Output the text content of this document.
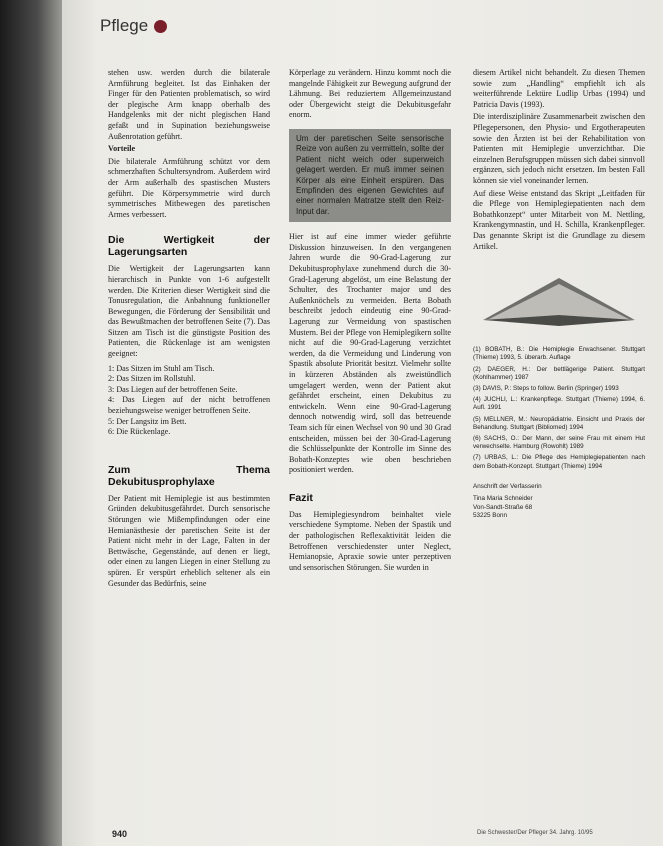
Pflege

stehen usw. werden durch die bilaterale Armführung begleitet. Ist das Einhaken der Finger für den Patienten problematisch, so wird der plegische Arm knapp oberhalb des Handgelenks mit der nicht plegischen Hand gefaßt und in Supination beziehungsweise Außenrotation geführt.

Vorteile

Die bilaterale Armführung schützt vor dem schmerzhaften Schultersyndrom. Außerdem wird der Arm außerhalb des spastischen Musters geführt. Die Körpersymmetrie wird durch symmetrisches Mitbewegen des paretischen Armes verbessert.

Die Wertigkeit der Lagerungsarten

Die Wertigkeit der Lagerungsarten kann hierarchisch in Punkte von 1-6 aufgestellt werden. Die Kriterien dieser Wertigkeit sind die Tonusregulation, die Anbahnung funktioneller Bewegungen, die Förderung der Sensibilität und das Bewußtmachen der betroffenen Seite (7). Das Sitzen am Tisch ist die günstigste Position des Patienten, die Rückenlage ist am wenigsten geeignet:

1: Das Sitzen im Stuhl am Tisch.
2: Das Sitzen im Rollstuhl.
3: Das Liegen auf der betroffenen Seite.
4: Das Liegen auf der nicht betroffenen beziehungsweise weniger betroffenen Seite.
5: Der Langsitz im Bett.
6: Die Rückenlage.
Zum Thema Dekubitusprophylaxe

Der Patient mit Hemiplegie ist aus bestimmten Gründen dekubitusgefährdet. Durch sensorische Störungen wie Mißempfindungen oder eine Hemianästhesie der paretischen Seite ist der Patient nicht mehr in der Lage, Falten in der Bettwäsche, Gegenstände, auf denen er liegt, oder einen zu langen Liegen in einer Stellung zu spüren. Er verspürt erheblich seltener als ein Gesunder das Bedürfnis, seine

Körperlage zu verändern. Hinzu kommt noch die mangelnde Fähigkeit zur Bewegung aufgrund der Lähmung. Bei reduziertem Allgemeinzustand oder Übergewicht steigt die Dekubitusgefahr enorm.

Um der paretischen Seite sensorische Reize von außen zu vermitteln, sollte der Patient nicht weich oder superweich gelagert werden. Er muß immer seinen Körper als eine Einheit erspüren. Das Empfinden des eigenen Gewichtes auf einer normalen Matratze stellt den Reiz-Input dar.

Hier ist auf eine immer wieder geführte Diskussion hinzuweisen. In den vergangenen Jahren wurde die 90-Grad-Lagerung zur Dekubitusprophylaxe zunehmend durch die 30-Grad-Lagerung abgelöst, um eine Belastung der Schulter, des Trochanter major und des Außenknöchels zu vermeiden. Berta Bobath beschreibt jedoch eindeutig eine 90-Grad-Lagerung zur Vermeidung von spastischen Mustern. Bei der Pflege von Hemiplegikern sollte nicht auf die 90-Grad-Lagerung verzichtet werden, da die Vermeidung und Linderung von Spastik absolute Priorität besitzt. Vielmehr sollte in kürzeren Abständen als zweistündlich umgelagert werden, wenn der Patient akut gefährdet erscheint, einen Dekubitus zu entwickeln. Wenn eine 90-Grad-Lagerung dennoch notwendig wird, soll das betreuende Team sich für einen Wechsel von 90 und 30 Grad entscheiden, müssen bei der 30-Grad-Lagerung die Schlüsselpunkte der Kontrolle im Sinne des Bobath-Konzeptes wie oben beschrieben positioniert werden.

Fazit

Das Hemiplegiesyndrom beinhaltet viele verschiedene Symptome. Neben der Spastik und der pathologischen Reflexaktivität leiden die Betroffenen verschiedenster unter Neglect, Hemianopsie, Apraxie sowie unter perzeptiven und sensorischen Störungen. Sie wurden in

diesem Artikel nicht behandelt. Zu diesen Themen sowie zum „Handling“ empfiehlt ich als weiterführende Lektüre Ludlip Urbas (1994) und Patricia Davis (1993).

Die interdisziplinäre Zusammenarbeit zwischen den Pflegepersonen, den Physio- und Ergotherapeuten sowie den Ärzten ist bei der Rehabilitation von Patienten mit Hemiplegie unverzichtbar. Die einzelnen Berufsgruppen müssen sich dabei sinnvoll ergänzen, sich jedoch nicht ersetzen. Im besten Fall können sie viel voneinander lernen.

Auf diese Weise entstand das Skript „Leitfaden für die Pflege von Hemiplegiepatienten nach dem Bobathkonzept“ unter Mitarbeit von M. Nettling, Krankengymnastin, und H. Schilla, Krankenpfleger. Das genannte Skript ist die Grundlage zu diesem Artikel.

(1) BOBATH, B.: Die Hemiplegie Erwachsener. Stuttgart (Thieme) 1993, 5. überarb. Auflage
(2) DAEGER, H.: Der bettlägerige Patient. Stuttgart (Kohlhammer) 1987
(3) DAVIS, P.: Steps to follow. Berlin (Springer) 1993
(4) JUCHLI, L.: Krankenpflege. Stuttgart (Thieme) 1994, 6. Aufl. 1991
(5) MELLNER, M.: Neuropädiatrie. Einsicht und Praxis der Behandlung. Stuttgart (Bibliomed) 1994
(6) SACHS, O.: Der Mann, der seine Frau mit einem Hut verwechselte. Hamburg (Rowohlt) 1989
(7) URBAS, L.: Die Pflege des Hemiplegiepatienten nach dem Bobath-Konzept. Stuttgart (Thieme) 1994
Anschrift der Verfasserin
Tina Maria Schneider
Von-Sandt-Straße 68
53225 Bonn
940	Die Schwester/Der Pfleger 34. Jahrg. 10/95
